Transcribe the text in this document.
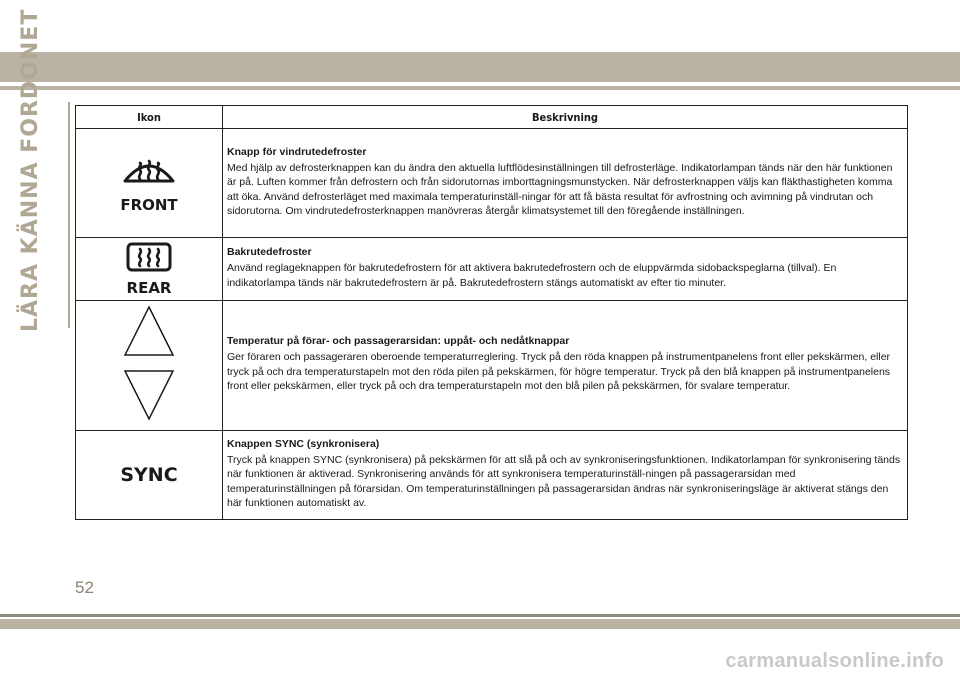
LÄRA KÄNNA FORDONET	Ikon	Beskrivning

FRONT	Knapp för vindrutedefroster

Med hjälp av defrosterknappen kan du ändra den aktuella luftflödesinställningen till defrosterläge. Indikatorlampan tänds när den här funktionen är på. Luften kommer från defrostern och från sidorutornas imborttagningsmunstycken. När defrosterknappen väljs kan fläkthastigheten komma att öka. Använd defrosterläget med maximala temperaturinställ-ningar för att få bästa resultat för avfrostning och avimning på vindrutan och sidorutorna. Om vindrutedefrosterknappen manövreras återgår klimatsystemet till den föregående inställningen.

REAR	Bakrutedefroster

Använd reglageknappen för bakrutedefrostern för att aktivera bakrutedefrostern och de eluppvärmda sidobackspeglarna (tillval). En indikatorlampa tänds när bakrutedefrostern är på. Bakrutedefrostern stängs automatiskt av efter tio minuter.

Temperatur på förar- och passagerarsidan: uppåt- och nedåtknappar

Ger föraren och passageraren oberoende temperaturreglering. Tryck på den röda knappen på instrumentpanelens front eller pekskärmen, eller tryck på och dra temperaturstapeln mot den röda pilen på pekskärmen, för högre temperatur. Tryck på den blå knappen på instrumentpanelens front eller pekskärmen, eller tryck på och dra temperaturstapeln mot den blå pilen på pekskärmen, för svalare temperatur.

SYNC	Knappen SYNC (synkronisera)

Tryck på knappen SYNC (synkronisera) på pekskärmen för att slå på och av synkroniseringsfunktionen. Indikatorlampan för synkronisering tänds när funktionen är aktiverad. Synkronisering används för att synkronisera temperaturinställ-ningen på passagerarsidan med temperaturinställningen på förarsidan. Om temperaturinställningen på passagerarsidan ändras när synkroniseringsläge är aktiverat stängs den här funktionen automatiskt av.

52
carmanualsonline.info
